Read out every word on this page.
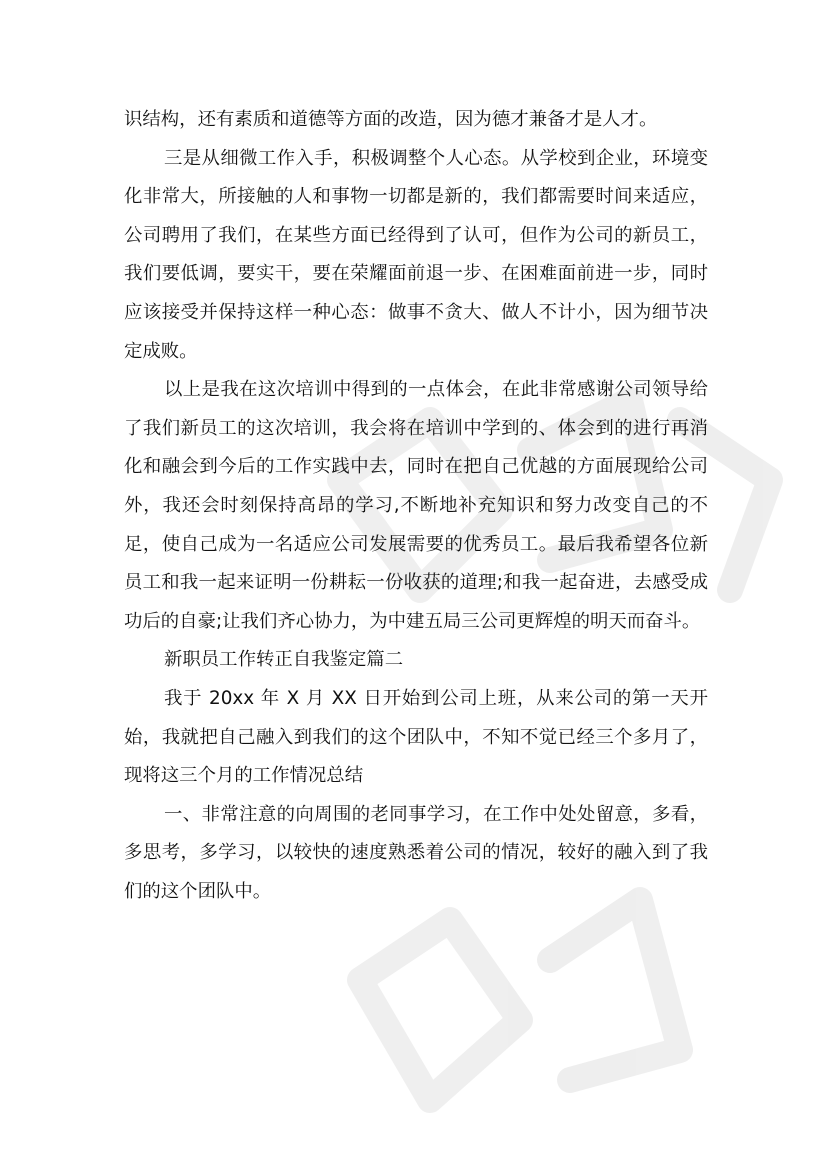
识结构，还有素质和道德等方面的改造，因为德才兼备才是人才。

三是从细微工作入手，积极调整个人心态。从学校到企业，环境变化非常大，所接触的人和事物一切都是新的，我们都需要时间来适应，公司聘用了我们，在某些方面已经得到了认可，但作为公司的新员工，我们要低调，要实干，要在荣耀面前退一步、在困难面前进一步，同时应该接受并保持这样一种心态：做事不贪大、做人不计小，因为细节决定成败。

以上是我在这次培训中得到的一点体会，在此非常感谢公司领导给了我们新员工的这次培训，我会将在培训中学到的、体会到的进行再消化和融会到今后的工作实践中去，同时在把自己优越的方面展现给公司外，我还会时刻保持高昂的学习,不断地补充知识和努力改变自己的不足，使自己成为一名适应公司发展需要的优秀员工。最后我希望各位新员工和我一起来证明一份耕耘一份收获的道理;和我一起奋进，去感受成功后的自豪;让我们齐心协力，为中建五局三公司更辉煌的明天而奋斗。

新职员工作转正自我鉴定篇二

我于 20xx 年 X 月 XX 日开始到公司上班，从来公司的第一天开始，我就把自己融入到我们的这个团队中，不知不觉已经三个多月了，现将这三个月的工作情况总结

一、非常注意的向周围的老同事学习，在工作中处处留意，多看，多思考，多学习，以较快的速度熟悉着公司的情况，较好的融入到了我们的这个团队中。
